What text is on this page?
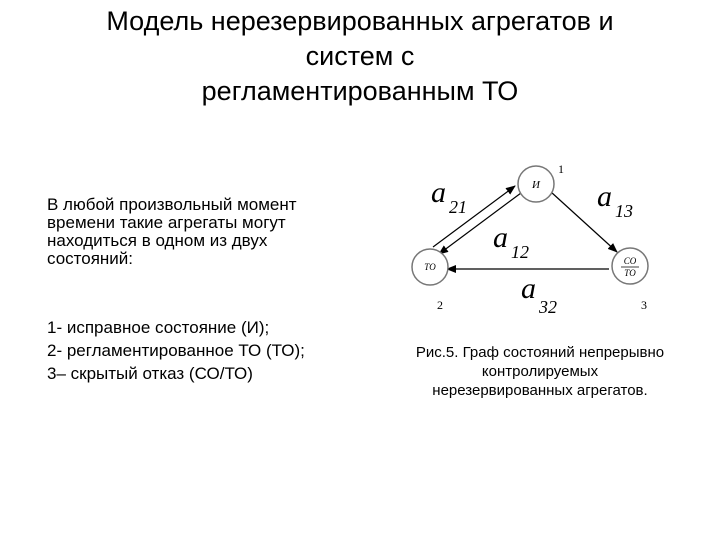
Модель нерезервированных агрегатов и
систем с
регламентированным ТО
В любой произвольный момент
времени такие агрегаты могут
находиться в одном из двух
состояний:
1- исправное состояние (И);
2- регламентированное ТО (ТО);
3– скрытый отказ (СО/ТО)
И
1
ТО
2
СО
ТО
3
a 21
a 12
a 13
a
32
Рис.5. Граф состояний непрерывно
контролируемых
нерезервированных агрегатов.
